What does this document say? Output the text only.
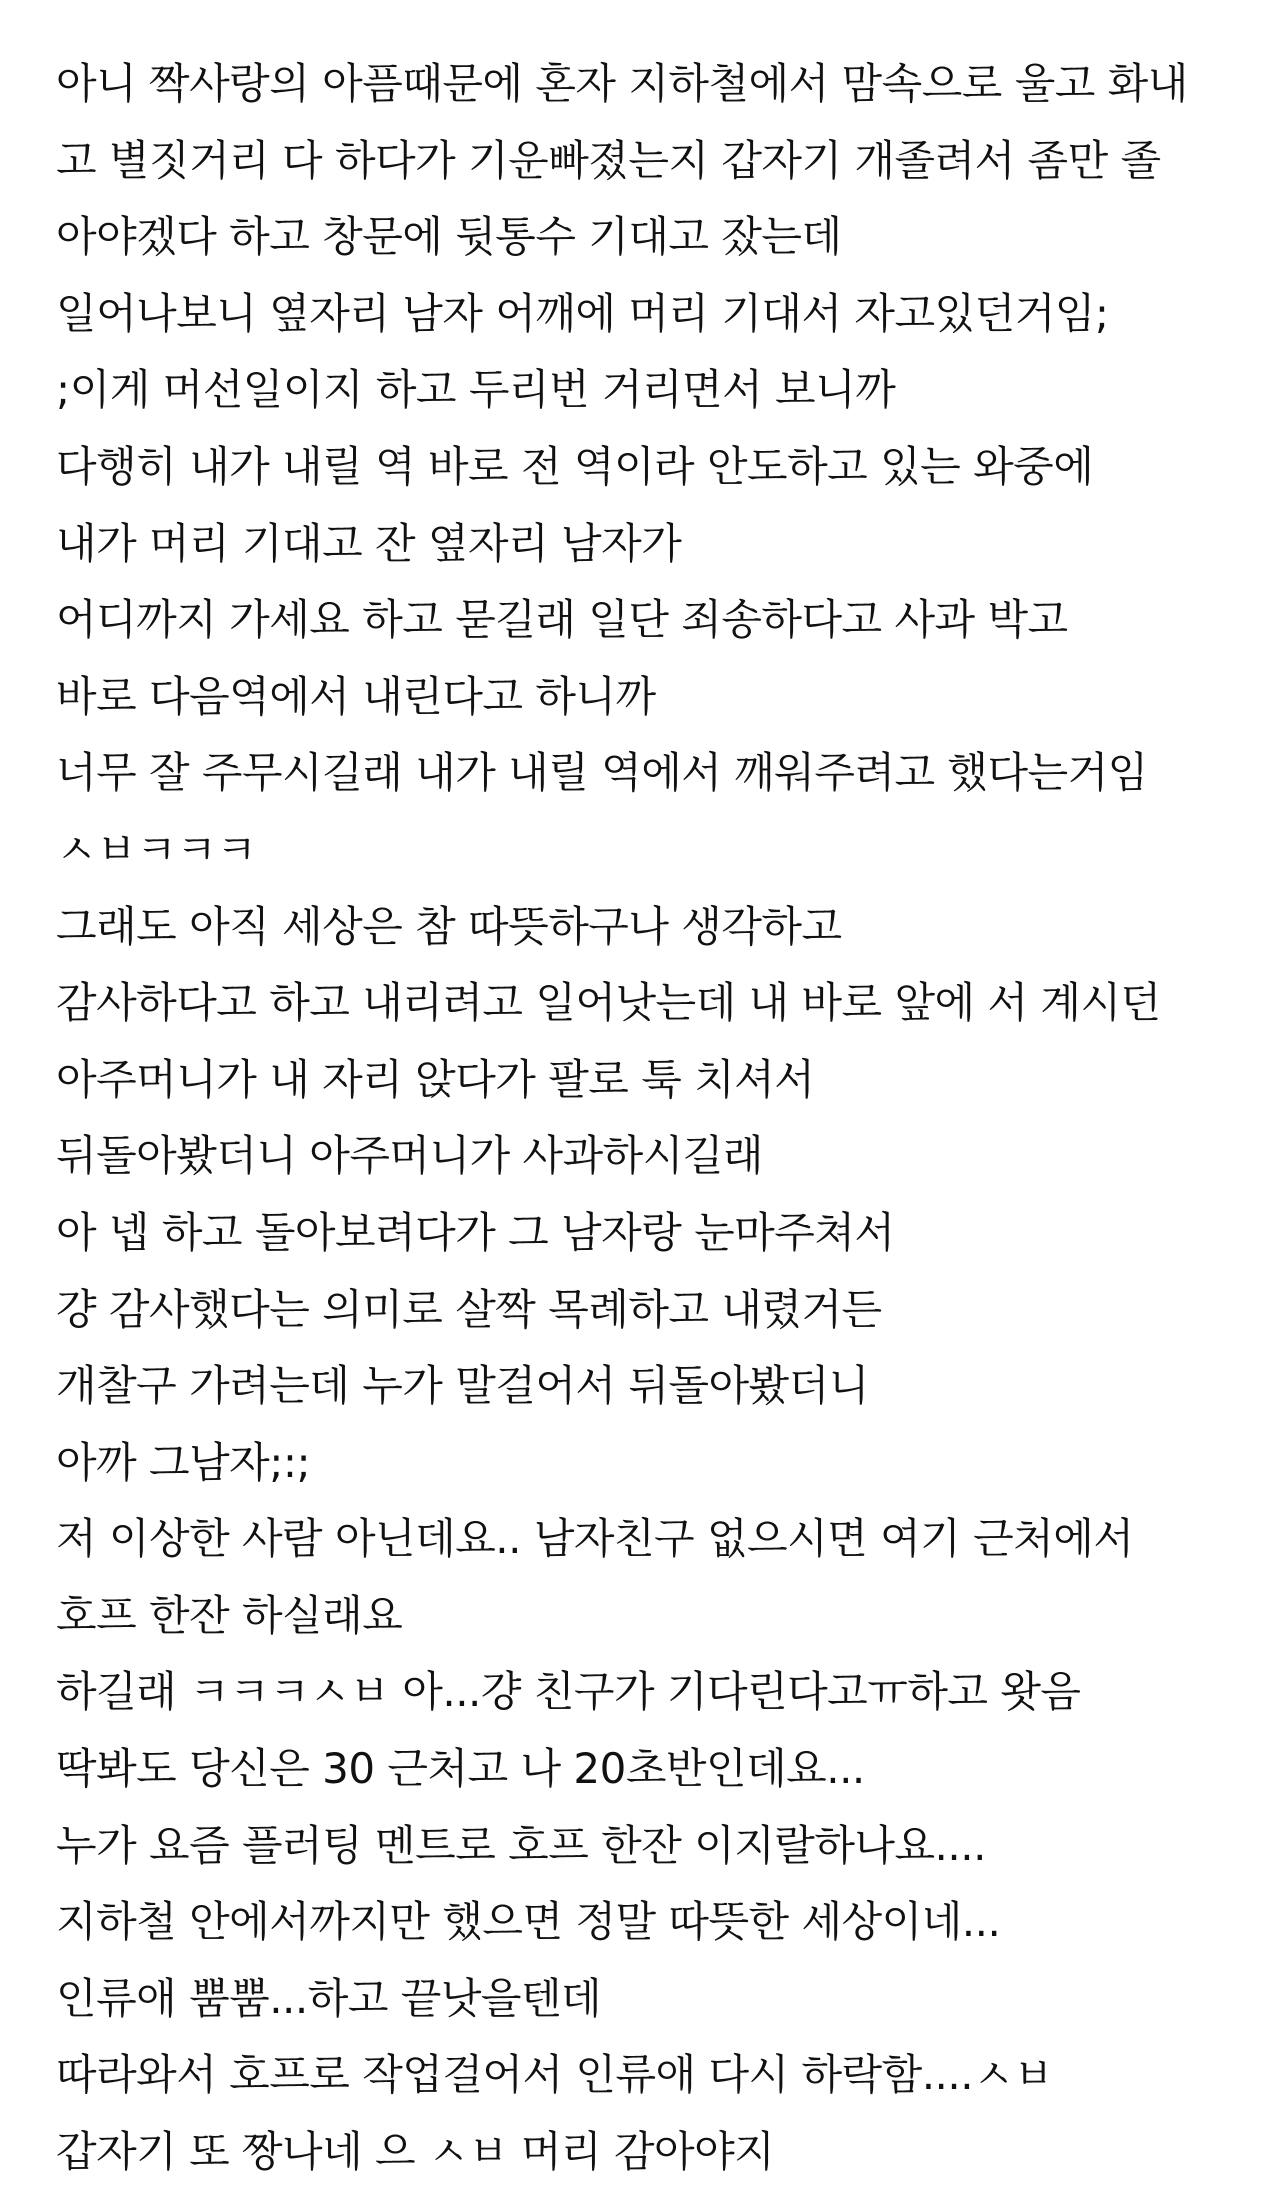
아니 짝사랑의 아픔때문에 혼자 지하철에서 맘속으로 울고 화내
고 별짓거리 다 하다가 기운빠졌는지 갑자기 개졸려서 좀만 졸
아야겠다 하고 창문에 뒷통수 기대고 잤는데
일어나보니 옆자리 남자 어깨에 머리 기대서 자고있던거임;
;이게 머선일이지 하고 두리번 거리면서 보니까
다행히 내가 내릴 역 바로 전 역이라 안도하고 있는 와중에
내가 머리 기대고 잔 옆자리 남자가
어디까지 가세요 하고 묻길래 일단 죄송하다고 사과 박고
바로 다음역에서 내린다고 하니까
너무 잘 주무시길래 내가 내릴 역에서 깨워주려고 했다는거임
ㅅㅂㅋㅋㅋ
그래도 아직 세상은 참 따뜻하구나 생각하고
감사하다고 하고 내리려고 일어낫는데 내 바로 앞에 서 계시던
아주머니가 내 자리 앉다가 팔로 툭 치셔서
뒤돌아봤더니 아주머니가 사과하시길래
아 넵 하고 돌아보려다가 그 남자랑 눈마주쳐서
걍 감사했다는 의미로 살짝 목례하고 내렸거든
개찰구 가려는데 누가 말걸어서 뒤돌아봤더니
아까 그남자;:;
저 이상한 사람 아닌데요.. 남자친구 없으시면 여기 근처에서
호프 한잔 하실래요
하길래 ㅋㅋㅋㅅㅂ 아...걍 친구가 기다린다고ㅠ하고 왓음
딱봐도 당신은 30 근처고 나 20초반인데요...
누가 요즘 플러팅 멘트로 호프 한잔 이지랄하나요....
지하철 안에서까지만 했으면 정말 따뜻한 세상이네...
인류애 뿜뿜...하고 끝낫을텐데
따라와서 호프로 작업걸어서 인류애 다시 하락함....ㅅㅂ
갑자기 또 짱나네 으 ㅅㅂ 머리 감아야지
